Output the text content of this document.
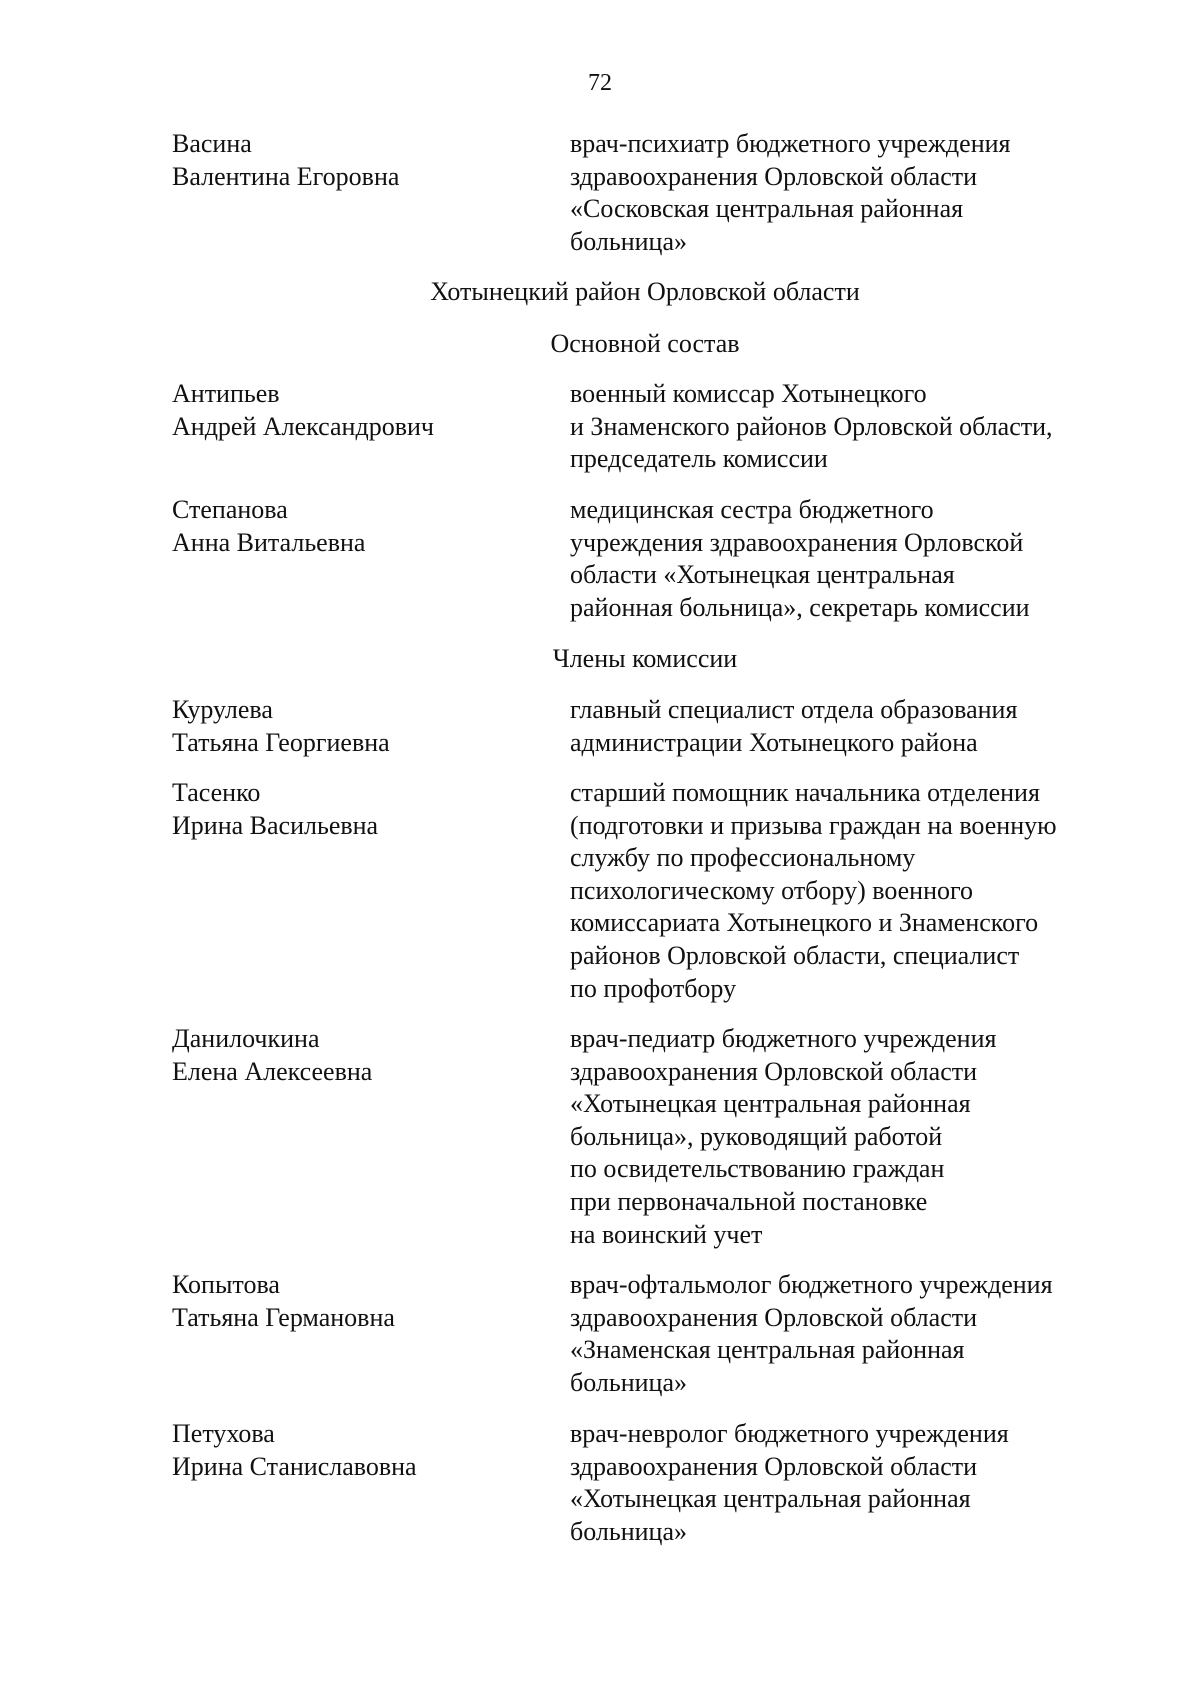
72
Васина
Валентина Егоровна
врач-психиатр бюджетного учреждения
здравоохранения Орловской области
«Сосковская центральная районная
больница»
Хотынецкий район Орловской области
Основной состав
Антипьев
Андрей Александрович
военный комиссар Хотынецкого
и Знаменского районов Орловской области,
председатель комиссии
Степанова
Анна Витальевна
медицинская сестра бюджетного
учреждения здравоохранения Орловской
области «Хотынецкая центральная
районная больница», секретарь комиссии
Члены комиссии
Курулева
Татьяна Георгиевна
главный специалист отдела образования
администрации Хотынецкого района
Тасенко
Ирина Васильевна
старший помощник начальника отделения
(подготовки и призыва граждан на военную
службу по профессиональному
психологическому отбору) военного
комиссариата Хотынецкого и Знаменского
районов Орловской области, специалист
по профотбору
Данилочкина
Елена Алексеевна
врач-педиатр бюджетного учреждения
здравоохранения Орловской области
«Хотынецкая центральная районная
больница», руководящий работой
по освидетельствованию граждан
при первоначальной постановке
на воинский учет
Копытова
Татьяна Германовна
врач-офтальмолог бюджетного учреждения
здравоохранения Орловской области
«Знаменская центральная районная
больница»
Петухова
Ирина Станиславовна
врач-невролог бюджетного учреждения
здравоохранения Орловской области
«Хотынецкая центральная районная
больница»
